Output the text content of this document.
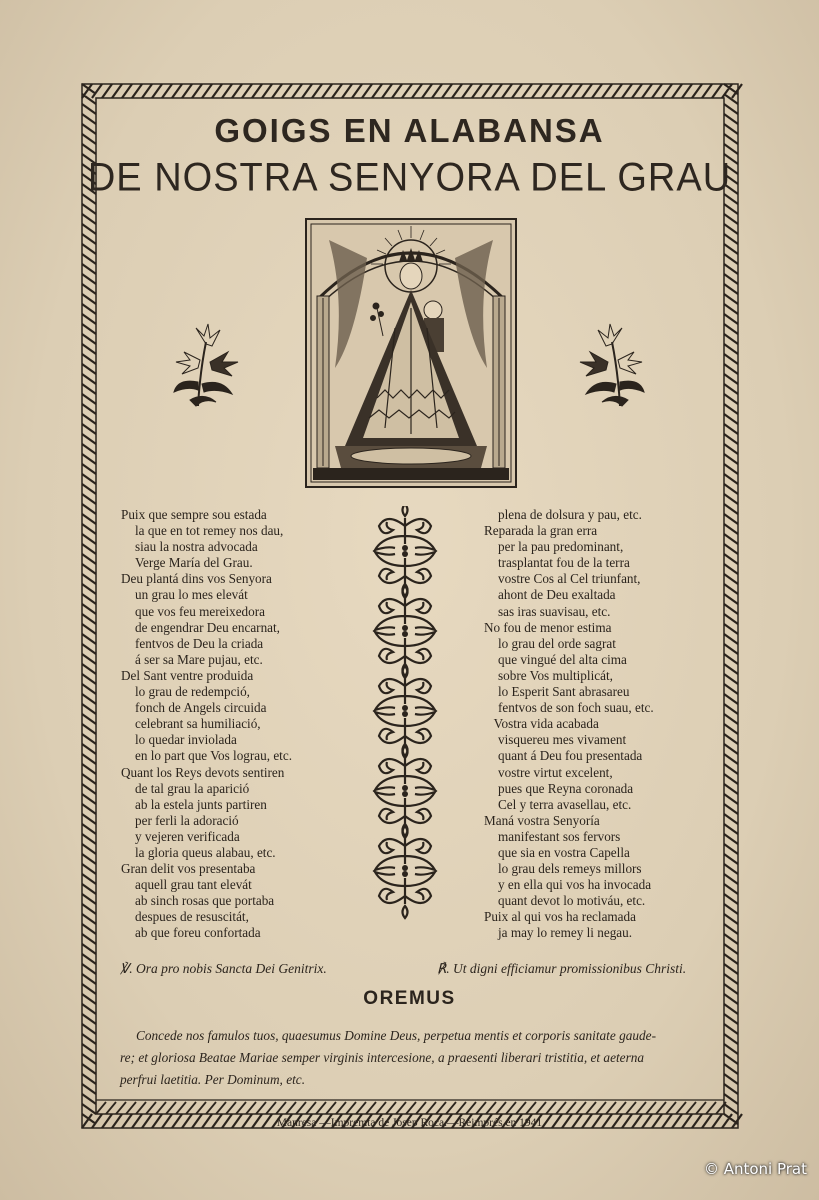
GOIGS EN ALABANSA
DE NOSTRA SENYORA DEL GRAU
Puix que sempre sou estada
la que en tot remey nos dau,
siau la nostra advocada
Verge María del Grau.
Deu plantá dins vos Senyora
un grau lo mes elevát
que vos feu mereixedora
de engendrar Deu encarnat,
fentvos de Deu la criada
á ser sa Mare pujau, etc.
Del Sant ventre produida
lo grau de redempció,
fonch de Angels circuida
celebrant sa humiliació,
lo quedar inviolada
en lo part que Vos lograu, etc.
Quant los Reys devots sentiren
de tal grau la aparició
ab la estela junts partiren
per ferli la adoració
y vejeren verificada
la gloria queus alabau, etc.
Gran delit vos presentaba
aquell grau tant elevát
ab sinch rosas que portaba
despues de resuscitát,
ab que foreu confortada
plena de dolsura y pau, etc.
Reparada la gran erra
per la pau predominant,
trasplantat fou de la terra
vostre Cos al Cel triunfant,
ahont de Deu exaltada
sas iras suavisau, etc.
No fou de menor estima
lo grau del orde sagrat
que vingué del alta cima
sobre Vos multiplicát,
lo Esperit Sant abrasareu
fentvos de son foch suau, etc.
Vostra vida acabada
visquereu mes vivament
quant á Deu fou presentada
vostre virtut excelent,
pues que Reyna coronada
Cel y terra avasellau, etc.
Maná vostra Senyoría
manifestant sos fervors
que sia en vostra Capella
lo grau dels remeys millors
y en ella qui vos ha invocada
quant devot lo motiváu, etc.
Puix al qui vos ha reclamada
ja may lo remey li negau.
℣. Ora pro nobis Sancta Dei Genitrix.	℟. Ut digni efficiamur promissionibus Christi.
OREMUS
Concede nos famulos tuos, quaesumus Domine Deus, perpetua mentis et corporis sanitate gaude-
re; et gloriosa Beatae Mariae semper virginis intercesione, a praesenti liberari tristitia, et aeterna
perfrui laetitia. Per Dominum, etc.
Manresa —Impremta de Josep Roca.—Reimprés en 1941
© Antoni Prat
